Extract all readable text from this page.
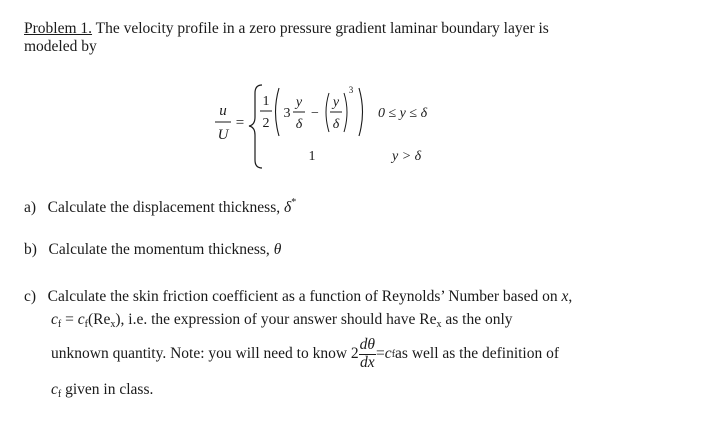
Problem 1. The velocity profile in a zero pressure gradient laminar boundary layer is
modeled by
u
U
=
1
2
3
y
δ
−
y
δ
3
1
0 ≤ y ≤ δ
y > δ
a) Calculate the displacement thickness, δ*
b) Calculate the momentum thickness, θ
c) Calculate the skin friction coefficient as a function of Reynolds’ Number based on x,
$c_f = c_f(Re_x)$, i.e. the expression of your answer should have $Re_x$ as the only
unknown quantity. Note: you will need to know
$2 \frac{d\theta}{dx} = c$ f as well as the definition of
$c_f$ given in class.
